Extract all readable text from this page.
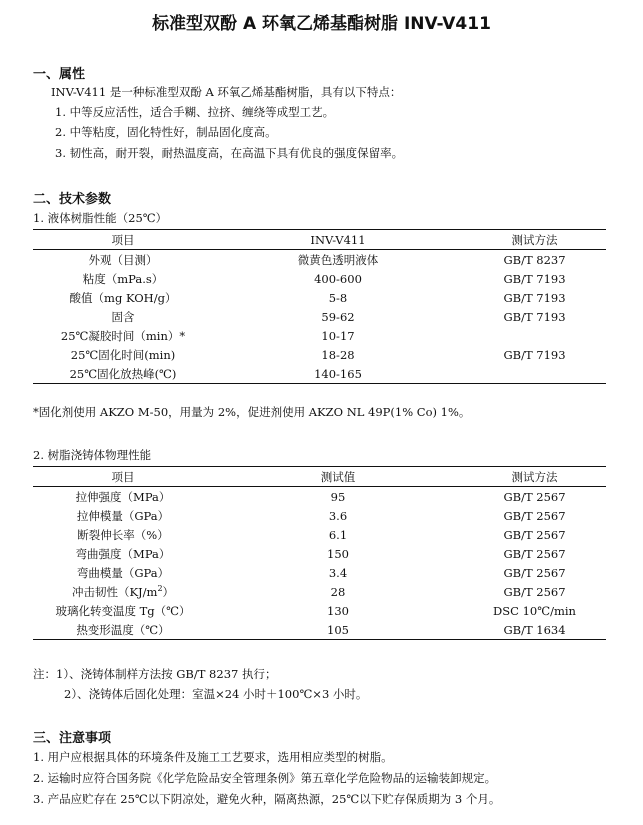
标准型双酚 A 环氧乙烯基酯树脂 INV-V411
一、属性
INV-V411 是一种标准型双酚 A 环氧乙烯基酯树脂，具有以下特点：
1. 中等反应活性，适合手糊、拉挤、缠绕等成型工艺。
2. 中等粘度，固化特性好，制品固化度高。
3. 韧性高，耐开裂，耐热温度高，在高温下具有优良的强度保留率。
二、技术参数
1. 液体树脂性能（25℃）
项目	INV-V411	测试方法
外观（目测）	微黄色透明液体	GB/T 8237
粘度（mPa.s）	400-600	GB/T 7193
酸值（mg KOH/g）	5-8	GB/T 7193
固含	59-62	GB/T 7193
25℃凝胶时间（min）*	10-17	
25℃固化时间(min)	18-28	GB/T 7193
25℃固化放热峰(℃)	140-165	
*固化剂使用 AKZO M-50，用量为 2%，促进剂使用 AKZO NL 49P(1% Co) 1%。
2. 树脂浇铸体物理性能
项目	测试值	测试方法
拉伸强度（MPa）	95	GB/T 2567
拉伸模量（GPa）	3.6	GB/T 2567
断裂伸长率（%）	6.1	GB/T 2567
弯曲强度（MPa）	150	GB/T 2567
弯曲模量（GPa）	3.4	GB/T 2567
冲击韧性$(KJ/m^2)$	28	GB/T 2567
玻璃化转变温度 Tg（℃）	130	DSC 10℃/min
热变形温度（℃）	105	GB/T 1634
注：1）、浇铸体制样方法按 GB/T 8237 执行；
2）、浇铸体后固化处理：室温×24 小时＋100℃×3 小时。
三、注意事项
1. 用户应根据具体的环境条件及施工工艺要求，选用相应类型的树脂。
2. 运输时应符合国务院《化学危险品安全管理条例》第五章化学危险物品的运输装卸规定。
3. 产品应贮存在 25℃以下阴凉处，避免火种，隔离热源，25℃以下贮存保质期为 3 个月。
